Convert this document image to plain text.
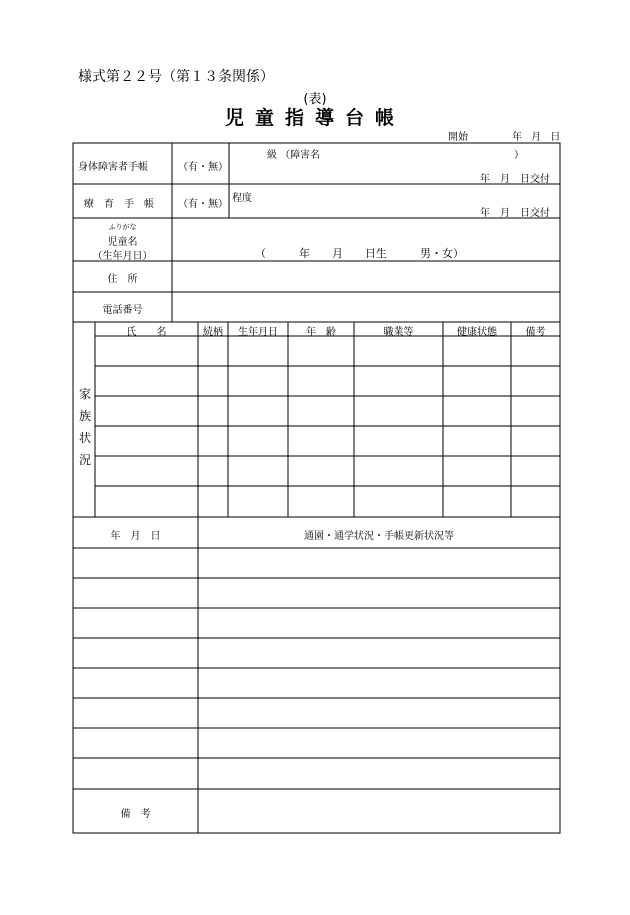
様式第２２号（第１３条関係）
(表)
児童指導台帳
開始	年 月 日
身体障害者手帳	（有・無）
級 （障害名	）
年　月　日交付
療　育　手　帳 （有・無）
程度
年　月　日交付
ふりがな
児童名
（生年月日）	（　　　年　　月　　日生　　　男・女）
住　所
電話番号
氏　　名	続柄	生年月日	年　齢	職業等	健康状態	備考
家
族
状
況
年　月　日	通園・通学状況・手帳更新状況等
備　考
